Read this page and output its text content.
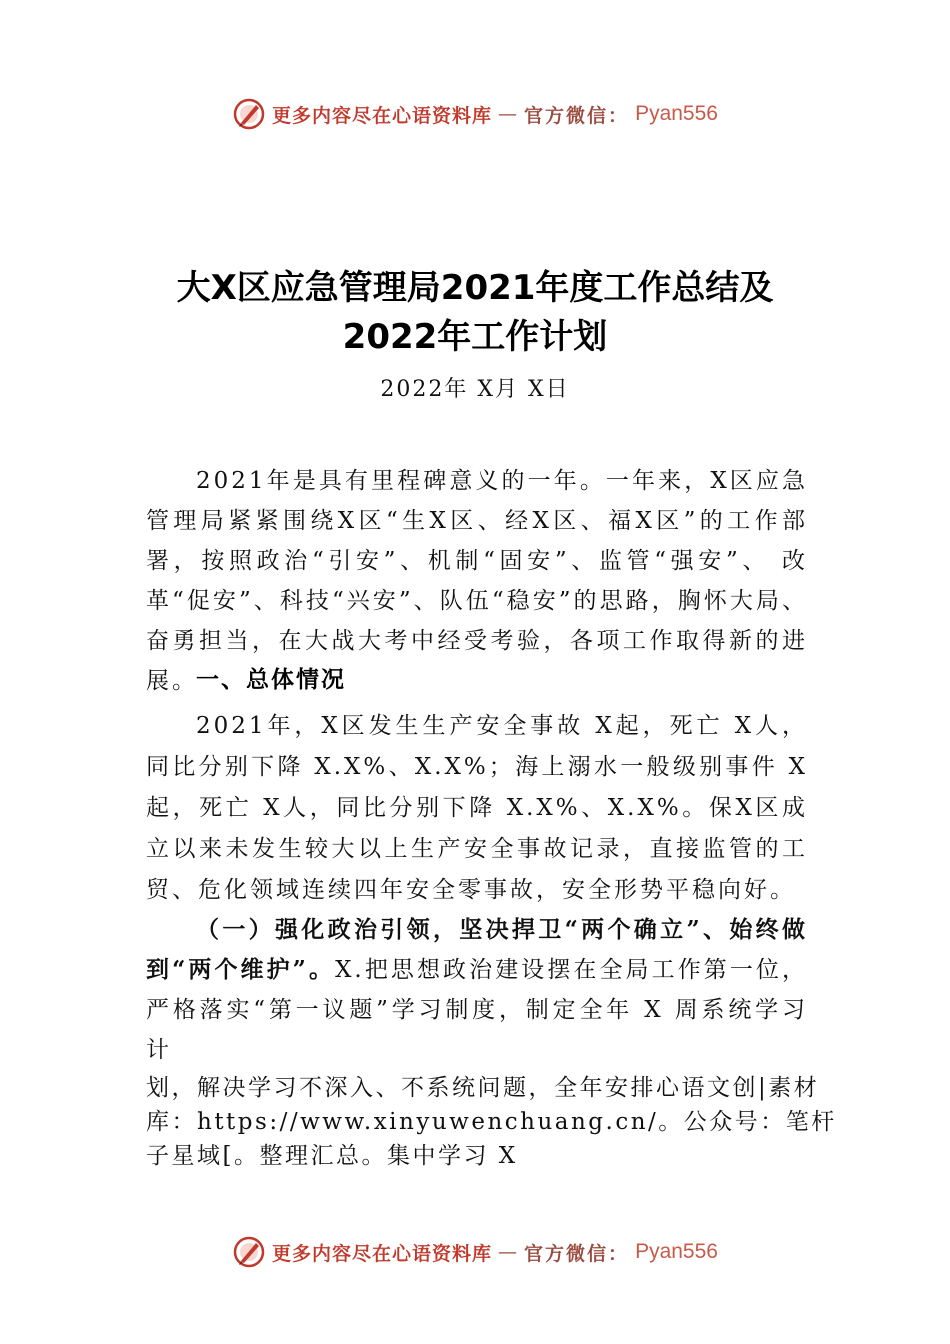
更多内容尽在心语资料库 — 官方微信： Pyan556
大X区应急管理局2021年度工作总结及
2022年工作计划
2022年 X月 X日

2021年是具有里程碑意义的一年。一年来，X区应急管理局紧紧围绕X区“生X区、经X区、福X区”的工作部署，按照政治“引安”、机制“固安”、监管“强安”、 改革“促安”、科技“兴安”、队伍“稳安”的思路，胸怀大局、奋勇担当，在大战大考中经受考验，各项工作取得新的进展。

一、总体情况

2021年，X区发生生产安全事故 X起，死亡 X人，同比分别下降 X.X%、X.X%；海上溺水一般级别事件 X起，死亡 X人，同比分别下降 X.X%、X.X%。保X区成立以来未发生较大以上生产安全事故记录，直接监管的工贸、危化领域连续四年安全零事故，安全形势平稳向好。

（一）强化政治引领，坚决捍卫“两个确立”、始终做到“两个维护”。X.把思想政治建设摆在全局工作第一位，严格落实“第一议题”学习制度，制定全年 X 周系统学习计

划，解决学习不深入、不系统问题，全年安排心语文创|素材库：https://www.xinyuwenchuang.cn/。公众号：笔杆子星域[。整理汇总。集中学习 X

更多内容尽在心语资料库 — 官方微信： Pyan556
